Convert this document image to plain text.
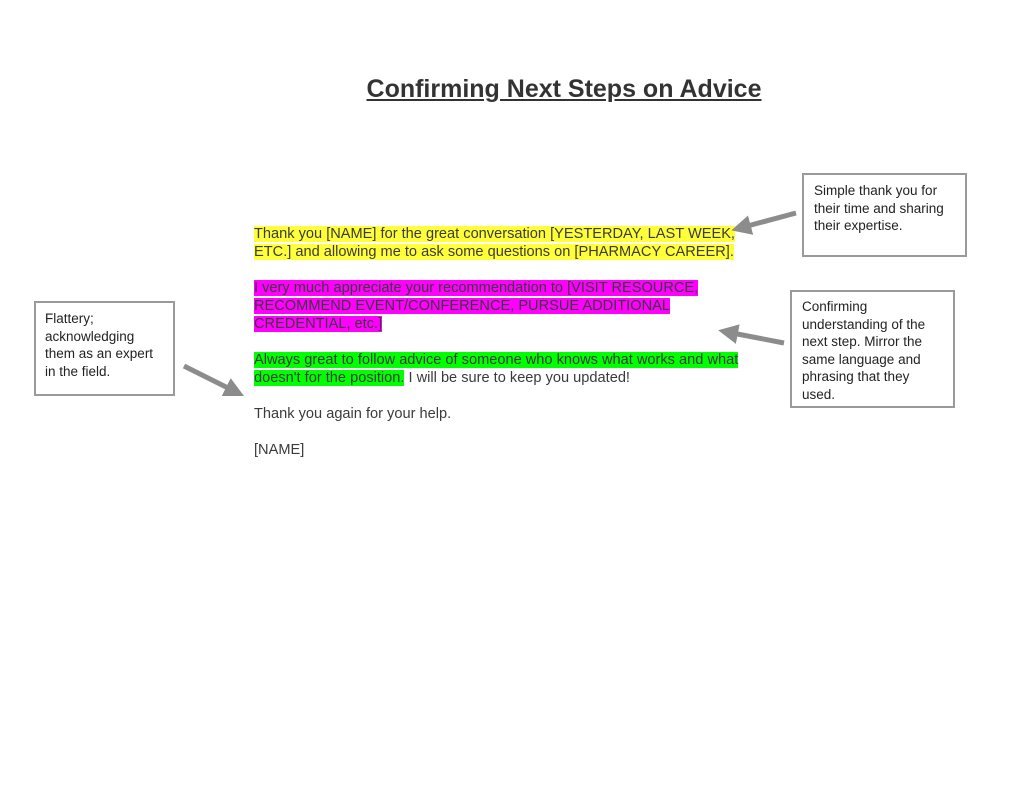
Confirming Next Steps on Advice

Thank you [NAME] for the great conversation [YESTERDAY, LAST WEEK, ETC.] and allowing me to ask some questions on [PHARMACY CAREER].

I very much appreciate your recommendation to [VISIT RESOURCE, RECOMMEND EVENT/CONFERENCE, PURSUE ADDITIONAL CREDENTIAL, etc.]

Always great to follow advice of someone who knows what works and what doesn't for the position. I will be sure to keep you updated!

Thank you again for your help.

[NAME]

Flattery; acknowledging them as an expert in the field.
Simple thank you for their time and sharing their expertise.
Confirming understanding of the next step. Mirror the same language and phrasing that they used.
